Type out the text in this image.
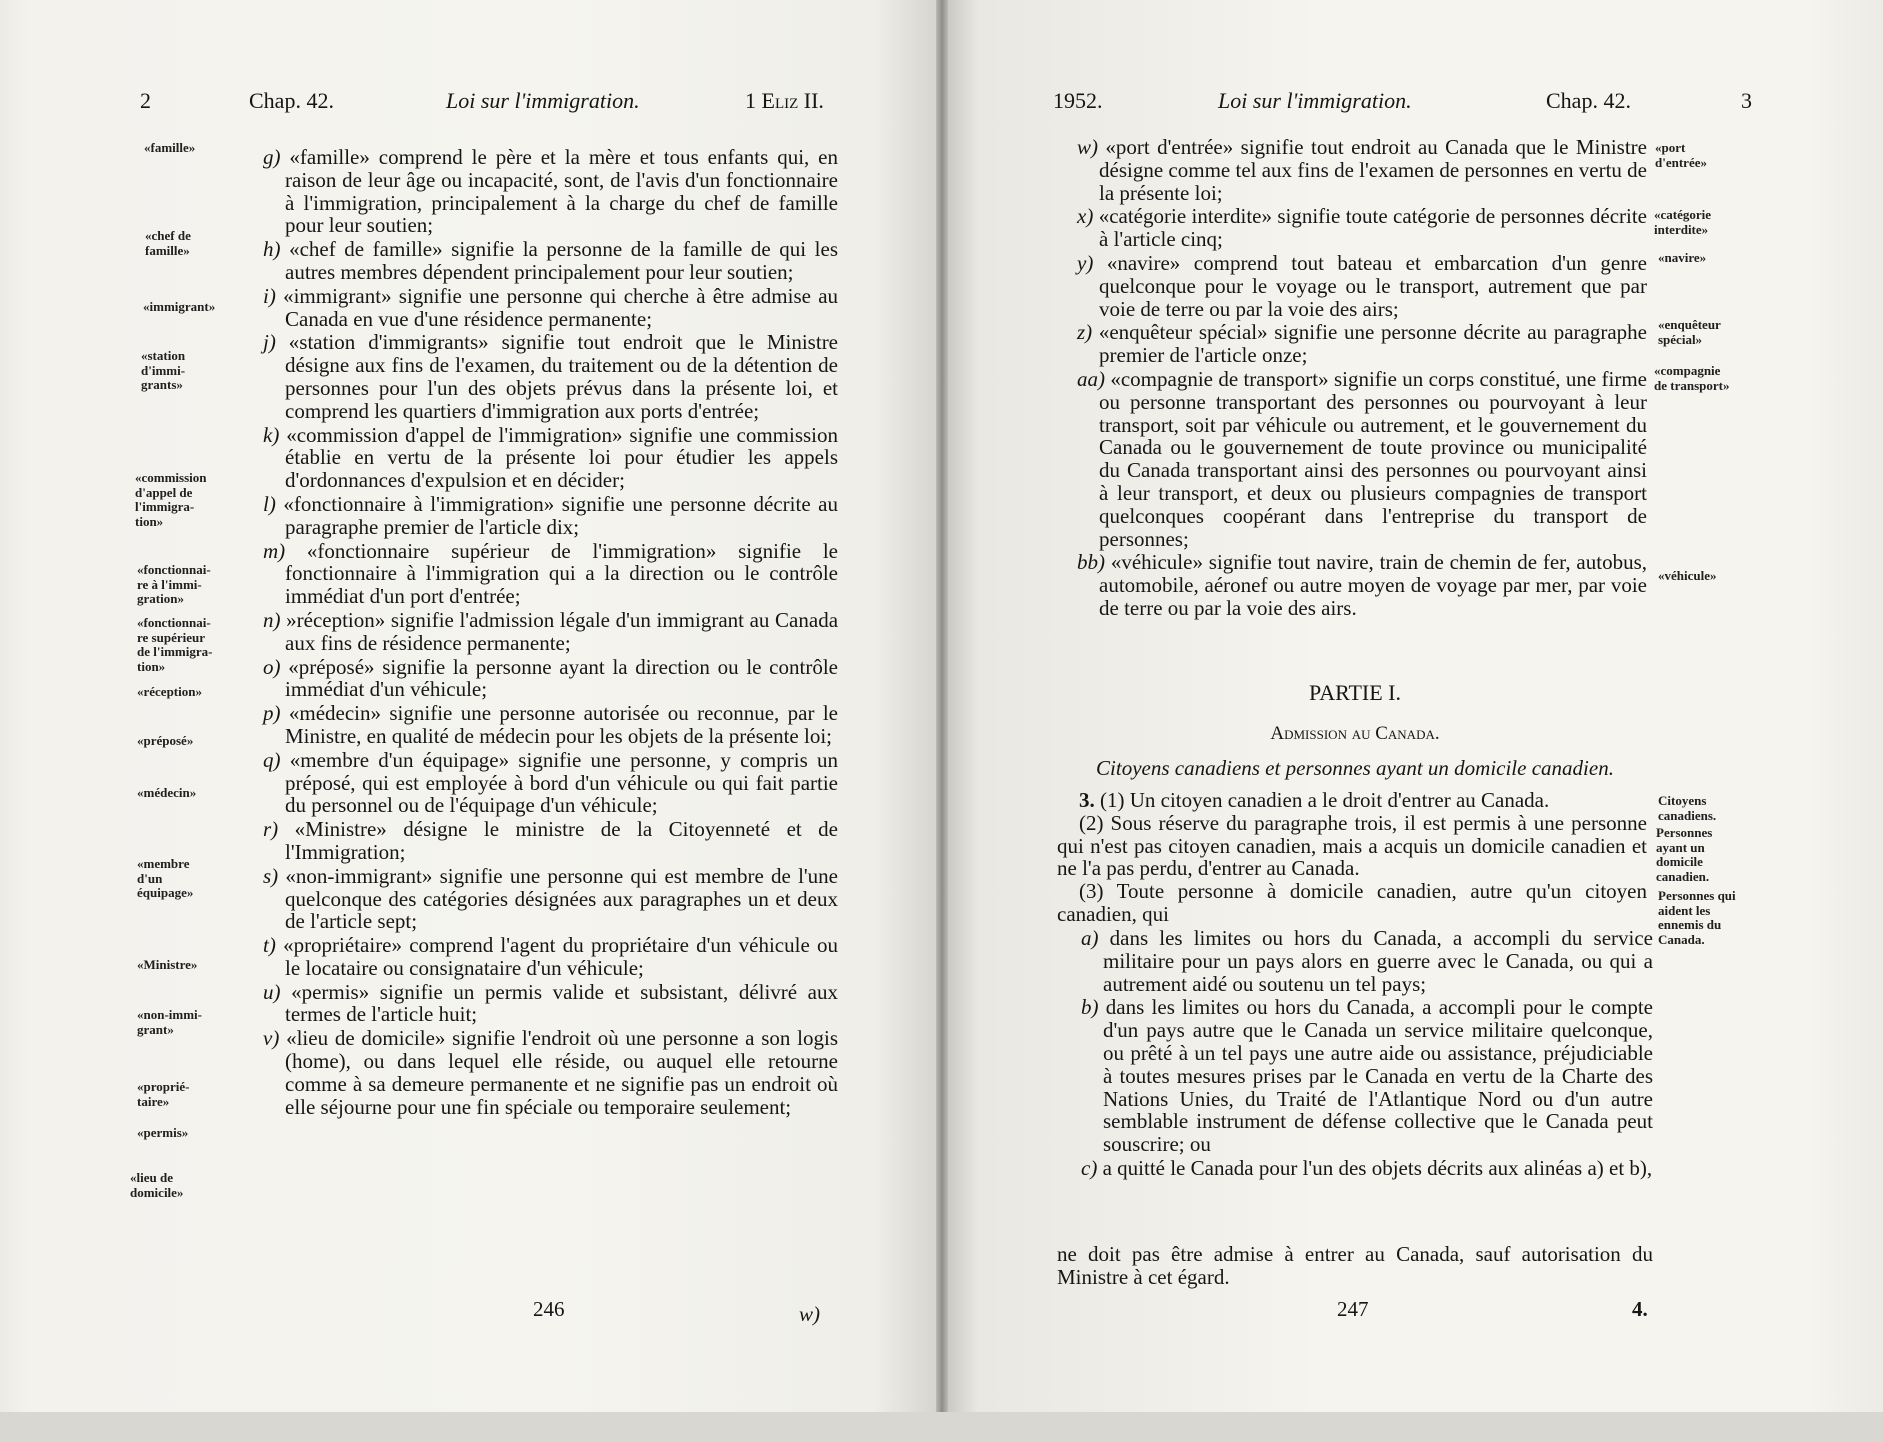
2	Chap. 42.	Loi sur l'immigration.	1 Eliz II.
g) «famille» comprend le père et la mère et tous enfants qui, en raison de leur âge ou incapacité, sont, de l'avis d'un fonctionnaire à l'immigration, principalement à la charge du chef de famille pour leur soutien;
h) «chef de famille» signifie la personne de la famille de qui les autres membres dépendent principalement pour leur soutien;
i) «immigrant» signifie une personne qui cherche à être admise au Canada en vue d'une résidence permanente;
j) «station d'immigrants» signifie tout endroit que le Ministre désigne aux fins de l'examen, du traitement ou de la détention de personnes pour l'un des objets prévus dans la présente loi, et comprend les quartiers d'immigration aux ports d'entrée;
k) «commission d'appel de l'immigration» signifie une commission établie en vertu de la présente loi pour étudier les appels d'ordonnances d'expulsion et en décider;
l) «fonctionnaire à l'immigration» signifie une personne décrite au paragraphe premier de l'article dix;
m) «fonctionnaire supérieur de l'immigration» signifie le fonctionnaire à l'immigration qui a la direction ou le contrôle immédiat d'un port d'entrée;
n) »réception» signifie l'admission légale d'un immigrant au Canada aux fins de résidence permanente;
o) «préposé» signifie la personne ayant la direction ou le contrôle immédiat d'un véhicule;
p) «médecin» signifie une personne autorisée ou reconnue, par le Ministre, en qualité de médecin pour les objets de la présente loi;
q) «membre d'un équipage» signifie une personne, y compris un préposé, qui est employée à bord d'un véhicule ou qui fait partie du personnel ou de l'équipage d'un véhicule;
r) «Ministre» désigne le ministre de la Citoyenneté et de l'Immigration;
s) «non-immigrant» signifie une personne qui est membre de l'une quelconque des catégories désignées aux paragraphes un et deux de l'article sept;
t) «propriétaire» comprend l'agent du propriétaire d'un véhicule ou le locataire ou consignataire d'un véhicule;
u) «permis» signifie un permis valide et subsistant, délivré aux termes de l'article huit;
v) «lieu de domicile» signifie l'endroit où une personne a son logis (home), ou dans lequel elle réside, ou auquel elle retourne comme à sa demeure permanente et ne signifie pas un endroit où elle séjourne pour une fin spéciale ou temporaire seulement;
«famille»
«chef de
famille»
«immigrant»
«station
d'immi-
grants»
«commission
d'appel de
l'immigra-
tion»
«fonctionnai-
re à l'immi-
gration»
«fonctionnai-
re supérieur
de l'immigra-
tion»
«réception»
«préposé»
«médecin»
«membre
d'un
équipage»
«Ministre»
«non-immi-
grant»
«proprié-
taire»
«permis»
«lieu de
domicile»
246	w)
1952.	Loi sur l'immigration.	Chap. 42.	3
w) «port d'entrée» signifie tout endroit au Canada que le Ministre désigne comme tel aux fins de l'examen de personnes en vertu de la présente loi;
x) «catégorie interdite» signifie toute catégorie de personnes décrite à l'article cinq;
y) «navire» comprend tout bateau et embarcation d'un genre quelconque pour le voyage ou le transport, autrement que par voie de terre ou par la voie des airs;
z) «enquêteur spécial» signifie une personne décrite au paragraphe premier de l'article onze;
aa) «compagnie de transport» signifie un corps constitué, une firme ou personne transportant des personnes ou pourvoyant à leur transport, soit par véhicule ou autrement, et le gouvernement du Canada ou le gouvernement de toute province ou municipalité du Canada transportant ainsi des personnes ou pourvoyant ainsi à leur transport, et deux ou plusieurs compagnies de transport quelconques coopérant dans l'entreprise du transport de personnes;
bb) «véhicule» signifie tout navire, train de chemin de fer, autobus, automobile, aéronef ou autre moyen de voyage par mer, par voie de terre ou par la voie des airs.
PARTIE I.
Admission au Canada.
Citoyens canadiens et personnes ayant un domicile canadien.
3. (1) Un citoyen canadien a le droit d'entrer au Canada.
(2) Sous réserve du paragraphe trois, il est permis à une personne qui n'est pas citoyen canadien, mais a acquis un domicile canadien et ne l'a pas perdu, d'entrer au Canada.
(3) Toute personne à domicile canadien, autre qu'un citoyen canadien, qui
a) dans les limites ou hors du Canada, a accompli du service militaire pour un pays alors en guerre avec le Canada, ou qui a autrement aidé ou soutenu un tel pays;
b) dans les limites ou hors du Canada, a accompli pour le compte d'un pays autre que le Canada un service militaire quelconque, ou prêté à un tel pays une autre aide ou assistance, préjudiciable à toutes mesures prises par le Canada en vertu de la Charte des Nations Unies, du Traité de l'Atlantique Nord ou d'un autre semblable instrument de défense collective que le Canada peut souscrire; ou
c) a quitté le Canada pour l'un des objets décrits aux alinéas a) et b),
ne doit pas être admise à entrer au Canada, sauf autorisation du Ministre à cet égard.
«port
d'entrée»
«catégorie
interdite»
«navire»
«enquêteur
spécial»
«compagnie
de transport»
«véhicule»
Citoyens
canadiens.
Personnes
ayant un
domicile
canadien.
Personnes qui
aident les
ennemis du
Canada.
247	4.
